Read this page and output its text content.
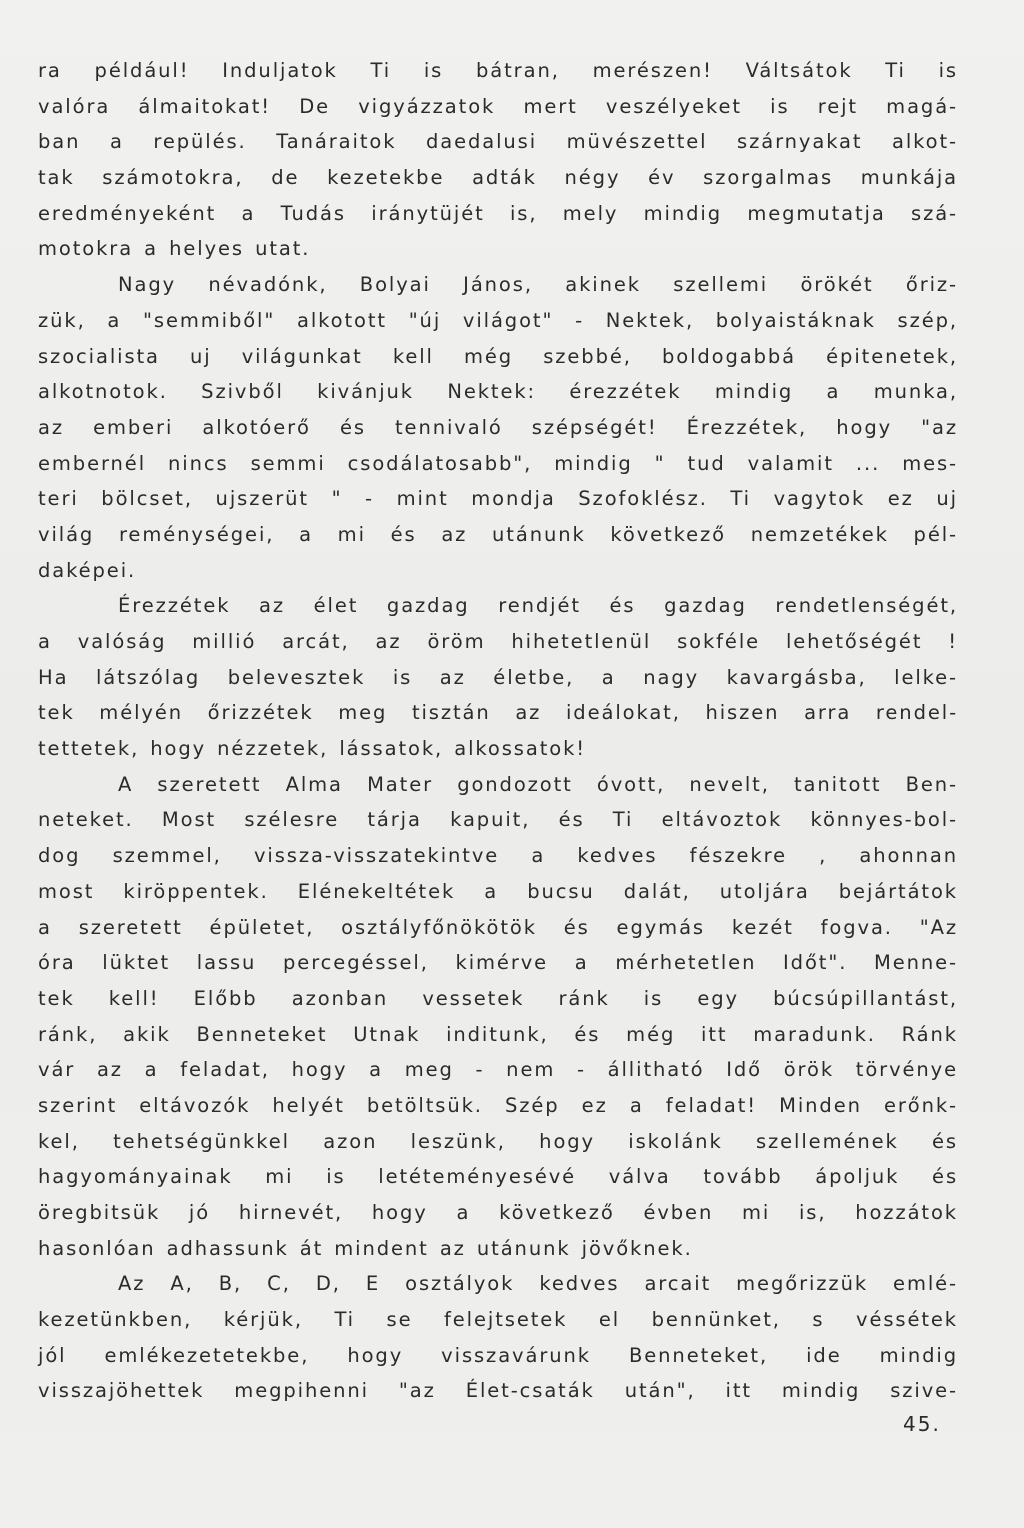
ra például! Induljatok Ti is bátran, merészen! Váltsátok Ti is
valóra álmaitokat! De vigyázzatok mert veszélyeket is rejt magá-
ban a repülés. Tanáraitok daedalusi müvészettel szárnyakat alkot-
tak számotokra, de kezetekbe adták négy év szorgalmas munkája
eredményeként a Tudás iránytüjét is, mely mindig megmutatja szá-
motokra a helyes utat.
Nagy névadónk, Bolyai János, akinek szellemi örökét őriz-
zük, a "semmiből" alkotott "új világot" - Nektek, bolyaistáknak szép,
szocialista uj világunkat kell még szebbé, boldogabbá épitenetek,
alkotnotok. Szivből kivánjuk Nektek: érezzétek mindig a munka,
az emberi alkotóerő és tennivaló szépségét! Érezzétek, hogy "az
embernél nincs semmi csodálatosabb", mindig " tud valamit ... mes-
teri bölcset, ujszerüt " - mint mondja Szofoklész. Ti vagytok ez uj
világ reménységei, a mi és az utánunk következő nemzetékek pél-
daképei.
Érezzétek az élet gazdag rendjét és gazdag rendetlenségét,
a valóság millió arcát, az öröm hihetetlenül sokféle lehetőségét !
Ha látszólag belevesztek is az életbe, a nagy kavargásba, lelke-
tek mélyén őrizzétek meg tisztán az ideálokat, hiszen arra rendel-
tettetek, hogy nézzetek, lássatok, alkossatok!
A szeretett Alma Mater gondozott óvott, nevelt, tanitott Ben-
neteket. Most szélesre tárja kapuit, és Ti eltávoztok könnyes-bol-
dog szemmel, vissza-visszatekintve a kedves fészekre , ahonnan
most kiröppentek. Elénekeltétek a bucsu dalát, utoljára bejártátok
a szeretett épületet, osztályfőnökötök és egymás kezét fogva. "Az
óra lüktet lassu percegéssel, kimérve a mérhetetlen Időt". Menne-
tek kell! Előbb azonban vessetek ránk is egy búcsúpillantást,
ránk, akik Benneteket Utnak inditunk, és még itt maradunk. Ránk
vár az a feladat, hogy a meg - nem - állitható Idő örök törvénye
szerint eltávozók helyét betöltsük. Szép ez a feladat! Minden erőnk-
kel, tehetségünkkel azon leszünk, hogy iskolánk szellemének és
hagyományainak mi is letéteményesévé válva tovább ápoljuk és
öregbitsük jó hirnevét, hogy a következő évben mi is, hozzátok
hasonlóan adhassunk át mindent az utánunk jövőknek.
Az A, B, C, D, E osztályok kedves arcait megőrizzük emlé-
kezetünkben, kérjük, Ti se felejtsetek el bennünket, s véssétek
jól emlékezetetekbe, hogy visszavárunk Benneteket, ide mindig
visszajöhettek megpihenni "az Élet-csaták után", itt mindig szive-
45.
